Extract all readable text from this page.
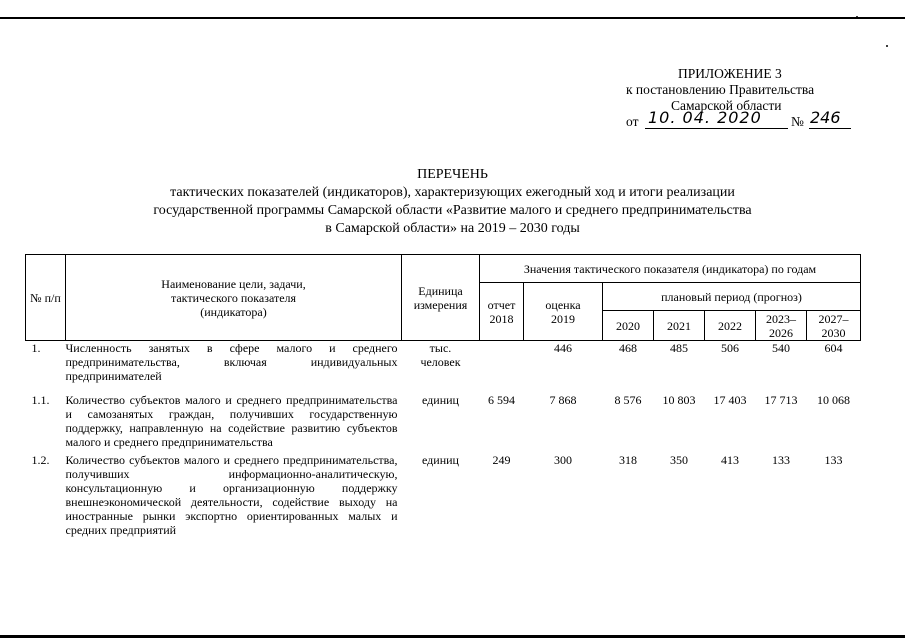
ПРИЛОЖЕНИЕ 3
к постановлению Правительства
Самарской области
от 10. 04. 2020 № 246
ПЕРЕЧЕНЬ
тактических показателей (индикаторов), характеризующих ежегодный ход и итоги реализации
государственной программы Самарской области «Развитие малого и среднего предпринимательства
в Самарской области» на 2019 – 2030 годы
№ п/п	Наименование цели, задачи, тактического показателя (индикатора)	Единица измерения	Значения тактического показателя (индикатора) по годам						
			отчет 2018	оценка 2019	плановый период (прогноз)				
					2020	2021	2022	2023–2026	2027–2030
1.	Численность занятых в сфере малого и среднего предпринимательства, включая индивидуальных предпринимателей	тыс. человек		446	468	485	506	540	604
1.1.	Количество субъектов малого и среднего предпринимательства и самозанятых граждан, получивших государственную поддержку, направленную на содействие развитию субъектов малого и среднего предпринимательства	единиц	6 594	7 868	8 576	10 803	17 403	17 713	10 068
1.2.	Количество субъектов малого и среднего предпринимательства, получивших информационно-аналитическую, консультационную и организационную поддержку внешнеэкономической деятельности, содействие выходу на иностранные рынки экспортно ориентированных малых и средних предприятий	единиц	249	300	318	350	413	133	133
